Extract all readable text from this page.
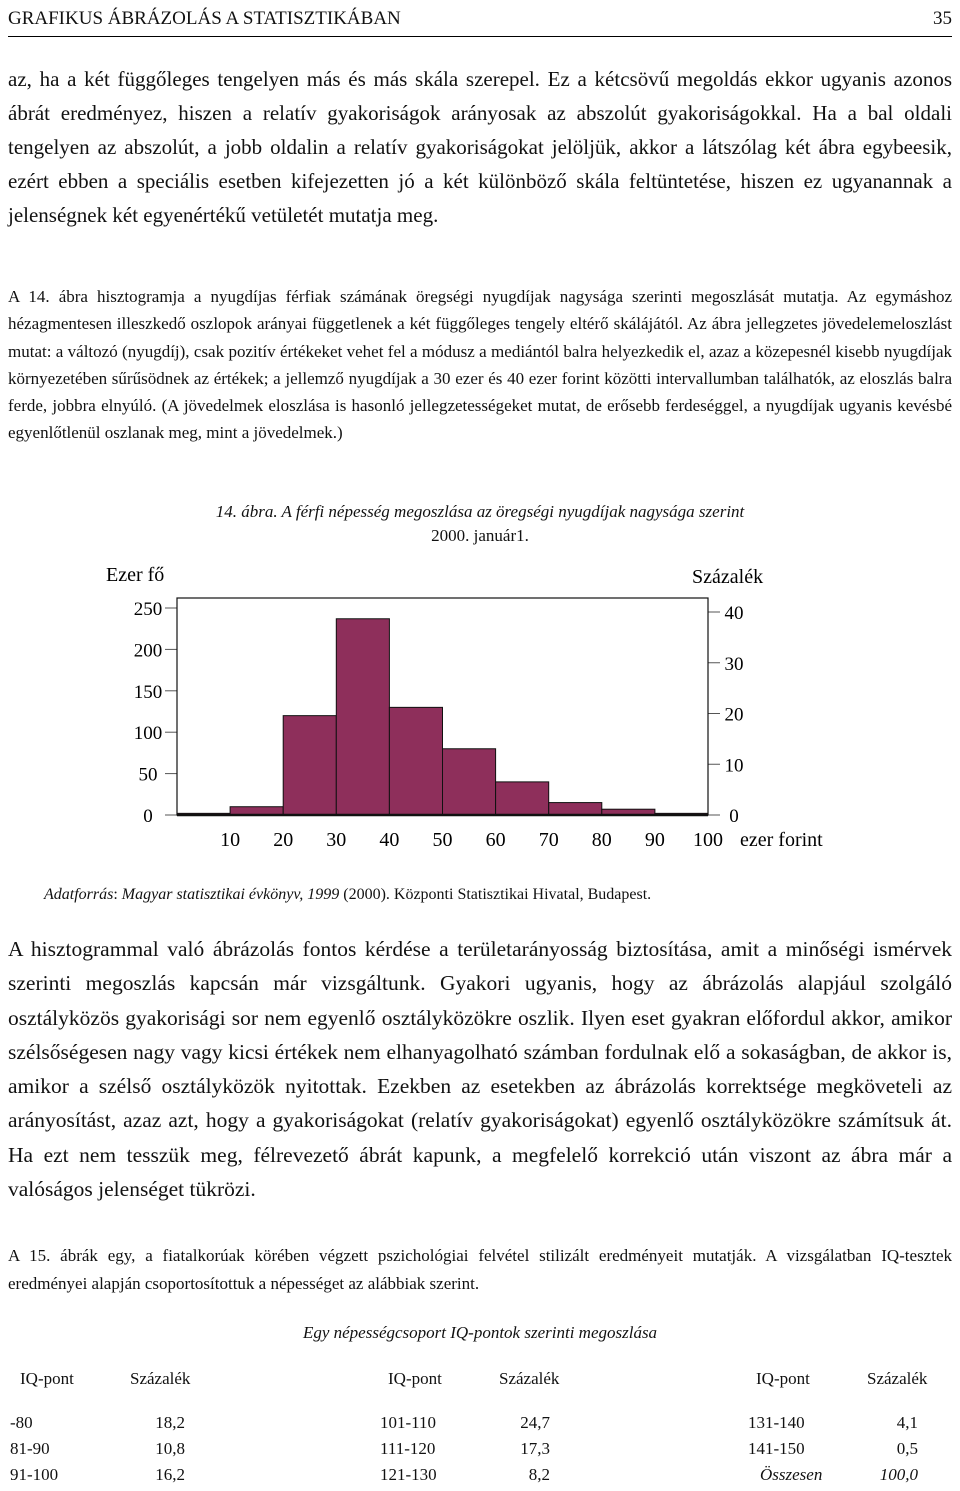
GRAFIKUS ÁBRÁZOLÁS A STATISZTIKÁBAN	35
az, ha a két függőleges tengelyen más és más skála szerepel. Ez a kétcsövű megoldás ekkor ugyanis azonos ábrát eredményez, hiszen a relatív gyakoriságok arányosak az abszolút gyakoriságokkal. Ha a bal oldali tengelyen az abszolút, a jobb oldalin a relatív gyakoriságokat jelöljük, akkor a látszólag két ábra egybeesik, ezért ebben a speciális esetben kifejezetten jó a két különböző skála feltüntetése, hiszen ez ugyanannak a jelenségnek két egyenértékű vetületét mutatja meg.
A 14. ábra hisztogramja a nyugdíjas férfiak számának öregségi nyugdíjak nagysága szerinti megoszlását mutatja. Az egymáshoz hézagmentesen illeszkedő oszlopok arányai függetlenek a két függőleges tengely eltérő skálájától. Az ábra jellegzetes jövedelemeloszlást mutat: a változó (nyugdíj), csak pozitív értékeket vehet fel a módusz a mediántól balra helyezkedik el, azaz a közepesnél kisebb nyugdíjak környezetében sűrűsödnek az értékek; a jellemző nyugdíjak a 30 ezer és 40 ezer forint közötti intervallumban találhatók, az eloszlás balra ferde, jobbra elnyúló. (A jövedelmek eloszlása is hasonló jellegzetességeket mutat, de erősebb ferdeséggel, a nyugdíjak ugyanis kevésbé egyenlőtlenül oszlanak meg, mint a jövedelmek.)
14. ábra. A férfi népesség megoszlása az öregségi nyugdíjak nagysága szerint
2000. január1.
Ezer fő	Százalék
250
200
150
100
50
0
40
30
20
10
0
10 20 30 40 50 60 70 80 90 100 ezer forint
Adatforrás: Magyar statisztikai évkönyv, 1999 (2000). Központi Statisztikai Hivatal, Budapest.
A hisztogrammal való ábrázolás fontos kérdése a területarányosság biztosítása, amit a minőségi ismérvek szerinti megoszlás kapcsán már vizsgáltunk. Gyakori ugyanis, hogy az ábrázolás alapjául szolgáló osztályközös gyakorisági sor nem egyenlő osztályközökre oszlik. Ilyen eset gyakran előfordul akkor, amikor szélsőségesen nagy vagy kicsi értékek nem elhanyagolható számban fordulnak elő a sokaságban, de akkor is, amikor a szélső osztályközök nyitottak. Ezekben az esetekben az ábrázolás korrektsége megköveteli az arányosítást, azaz azt, hogy a gyakoriságokat (relatív gyakoriságokat) egyenlő osztályközökre számítsuk át. Ha ezt nem tesszük meg, félrevezető ábrát kapunk, a megfelelő korrekció után viszont az ábra már a valóságos jelenséget tükrözi.
A 15. ábrák egy, a fiatalkorúak körében végzett pszichológiai felvétel stilizált eredményeit mutatják. A vizsgálatban IQ-tesztek eredményei alapján csoportosítottuk a népességet az alábbiak szerint.
Egy népességcsoport IQ-pontok szerinti megoszlása
IQ-pont	Százalék
-80	18,2
81-90	10,8
91-100	16,2
IQ-pont	Százalék
101-110	24,7
111-120	17,3
121-130	8,2
IQ-pont	Százalék
131-140	4,1
141-150	0,5
Összesen	100,0
